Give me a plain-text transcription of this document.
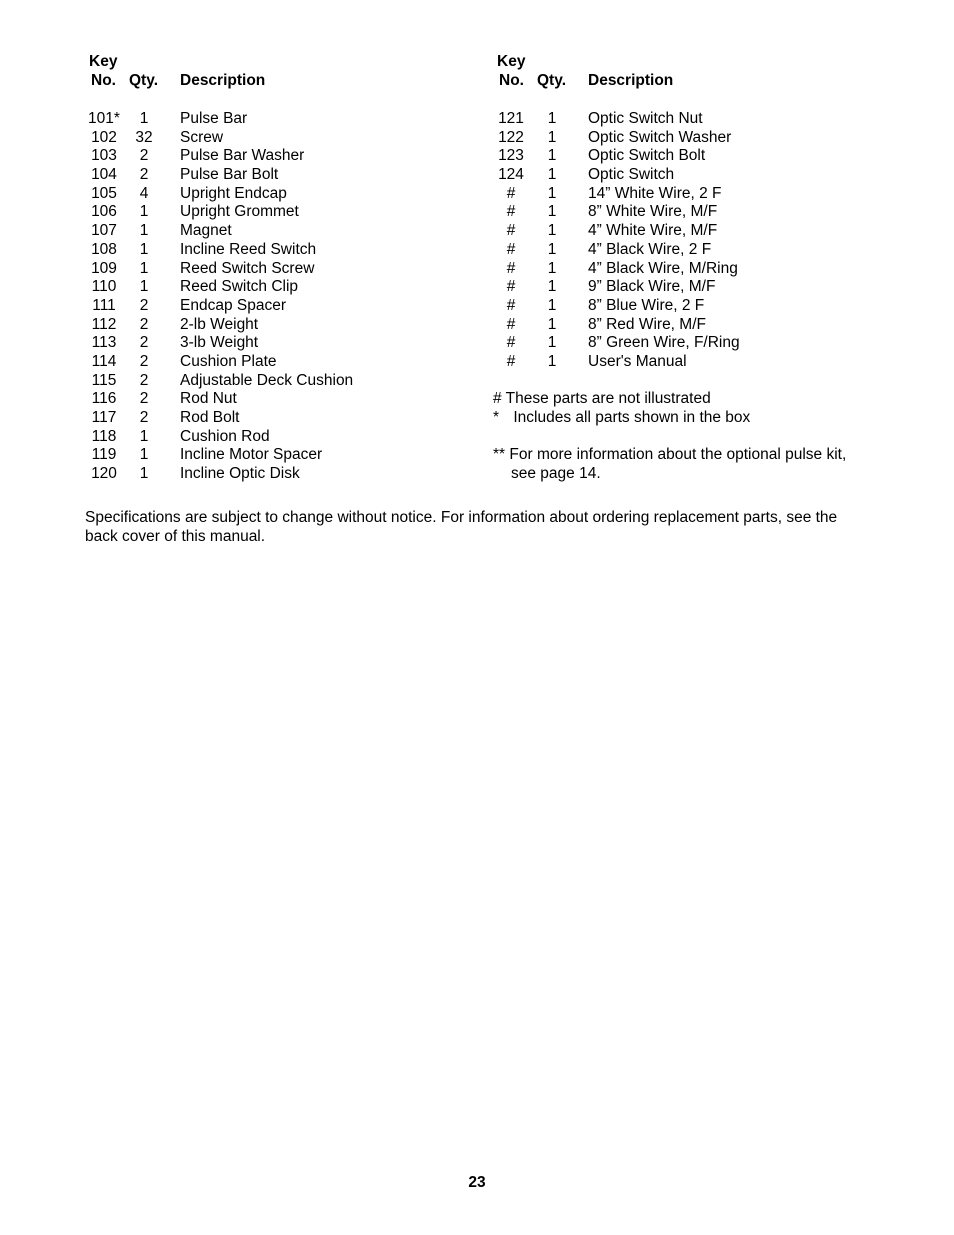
Key
No. Qty. Description
101*	1	Pulse Bar
102	32	Screw
103	2	Pulse Bar Washer
104	2	Pulse Bar Bolt
105	4	Upright Endcap
106	1	Upright Grommet
107	1	Magnet
108	1	Incline Reed Switch
109	1	Reed Switch Screw
110	1	Reed Switch Clip
111	2	Endcap Spacer
112	2	2-lb Weight
113	2	3-lb Weight
114	2	Cushion Plate
115	2	Adjustable Deck Cushion
116	2	Rod Nut
117	2	Rod Bolt
118	1	Cushion Rod
119	1	Incline Motor Spacer
120	1	Incline Optic Disk
Key
No. Qty. Description
121	1	Optic Switch Nut
122	1	Optic Switch Washer
123	1	Optic Switch Bolt
124	1	Optic Switch
#	1	14” White Wire, 2 F
#	1	8” White Wire, M/F
#	1	4” White Wire, M/F
#	1	4” Black Wire, 2 F
#	1	4” Black Wire, M/Ring
#	1	9” Black Wire, M/F
#	1	8” Blue Wire, 2 F
#	1	8” Red Wire, M/F
#	1	8” Green Wire, F/Ring
#	1	User's Manual
# These parts are not illustrated
* Includes all parts shown in the box
** For more information about the optional pulse kit,
see page 14.

Specifications are subject to change without notice. For information about ordering replacement parts, see the back cover of this manual.

23
